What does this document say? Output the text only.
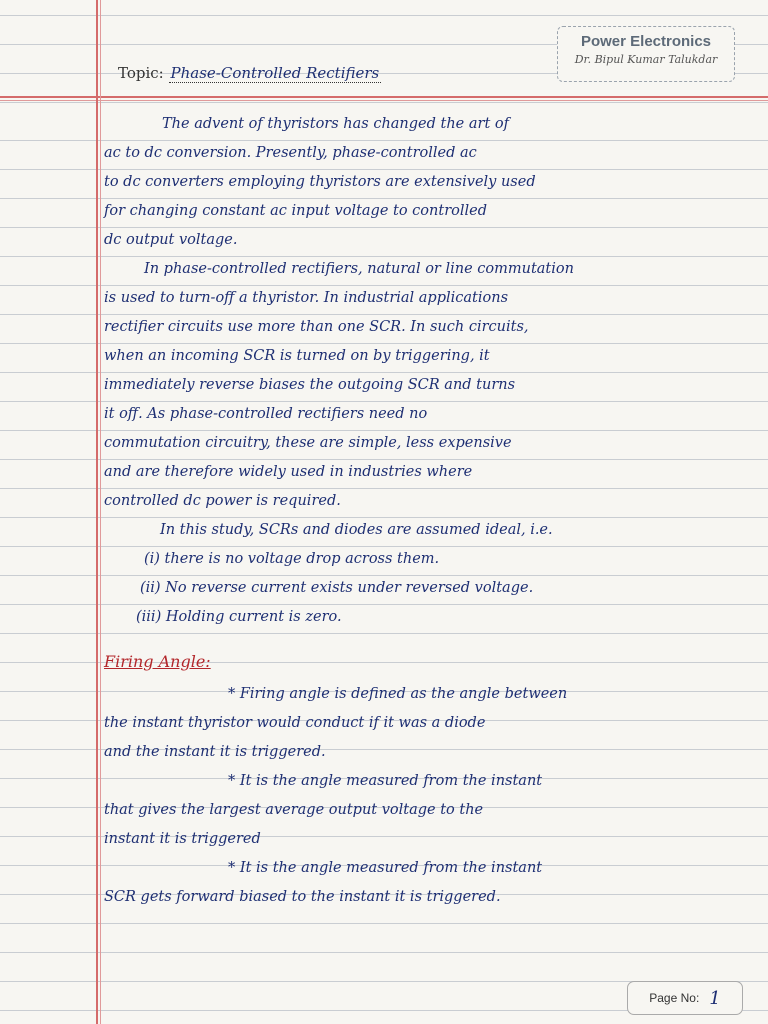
Power Electronics
Dr. Bipul Kumar Talukdar
Topic: Phase-Controlled Rectifiers
The advent of thyristors has changed the art of
ac to dc conversion. Presently, phase-controlled ac
to dc converters employing thyristors are extensively used
for changing constant ac input voltage to controlled
dc output voltage.
In phase-controlled rectifiers, natural or line commutation
is used to turn-off a thyristor. In industrial applications
rectifier circuits use more than one SCR. In such circuits,
when an incoming SCR is turned on by triggering, it
immediately reverse biases the outgoing SCR and turns
it off. As phase-controlled rectifiers need no
commutation circuitry, these are simple, less expensive
and are therefore widely used in industries where
controlled dc power is required.
In this study, SCRs and diodes are assumed ideal, i.e.
(i) there is no voltage drop across them.
(ii) No reverse current exists under reversed voltage.
(iii) Holding current is zero.
Firing Angle:
* Firing angle is defined as the angle between
the instant thyristor would conduct if it was a diode
and the instant it is triggered.
* It is the angle measured from the instant
that gives the largest average output voltage to the
instant it is triggered
* It is the angle measured from the instant
SCR gets forward biased to the instant it is triggered.
Page No: 1
